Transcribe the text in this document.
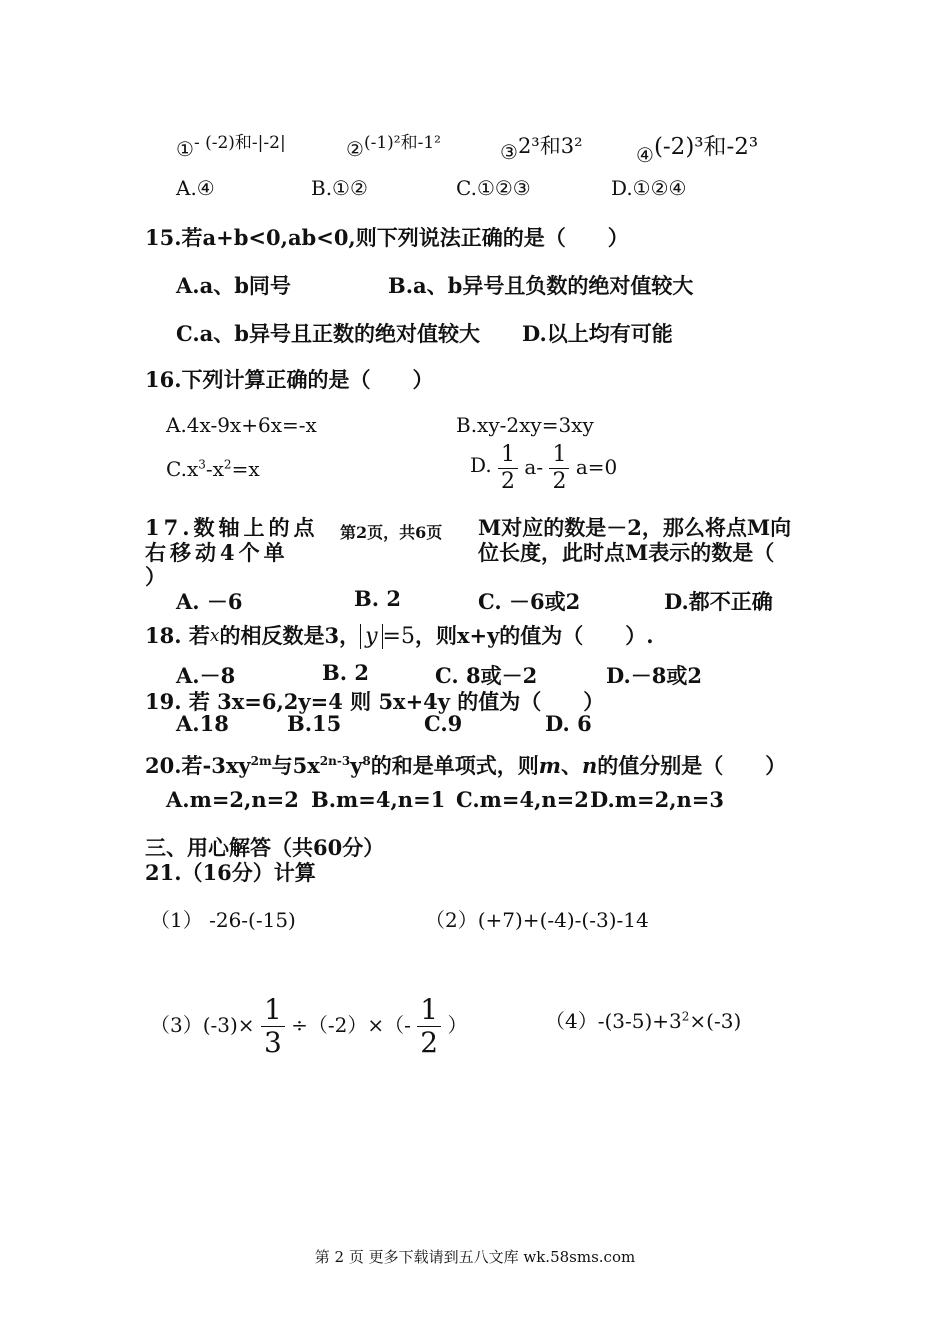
①$^{- (-2)和-|-2|}$	②$^{(-1)^2和-1^2}$	③2³和3²	④(-2)³和-2³
A.④	B.①②	C.①②③	D.①②④
15.若a+b<0,ab<0,则下列说法正确的是（　　）
A.a、b同号	B.a、b异号且负数的绝对值较大
C.a、b异号且正数的绝对值较大 D.以上均有可能
16.下列计算正确的是（　　）
A.4x-9x+6x=-x	B.xy-2xy=3xy
$C.x^3-x^2=x$	D. $\frac{1}{2} a- \frac{1}{2} a=0$
17.数轴上的点 第2页，共6页 M对应的数是－2，那么将点M向
右移动4个单	位长度，此时点M表示的数是（
）
A. －6	B. 2	C. －6或2	D.都不正确
18. 若x的相反数是3， y =5，则x+y的值为（　　）.
A.－8	B. 2	C. 8或－2	D.－8或2
19. 若 3x=6,2y=4 则 5x+4y 的值为（　　）
A.18	B.15	C.9	D. 6
20.若$-3xy^{2m}$与$5x^{2n-3}y^8$的和是单项式，则m、n的值分别是（　　）
A.m=2,n=2 B.m=4,n=1 C.m=4,n=2 D.m=2,n=3
三、用心解答（共60分）
21.（16分）计算
（1） -26-(-15)	（2）(+7)+(-4)-(-3)-14
$(3)(-3)\times \frac{1}{3} \div(-2)\times(- \frac{1}{2}$ ）	$(4)-(3-5)+3^2\times(-3)$
第 2 页 更多下载请到五八文库 wk.58sms.com
